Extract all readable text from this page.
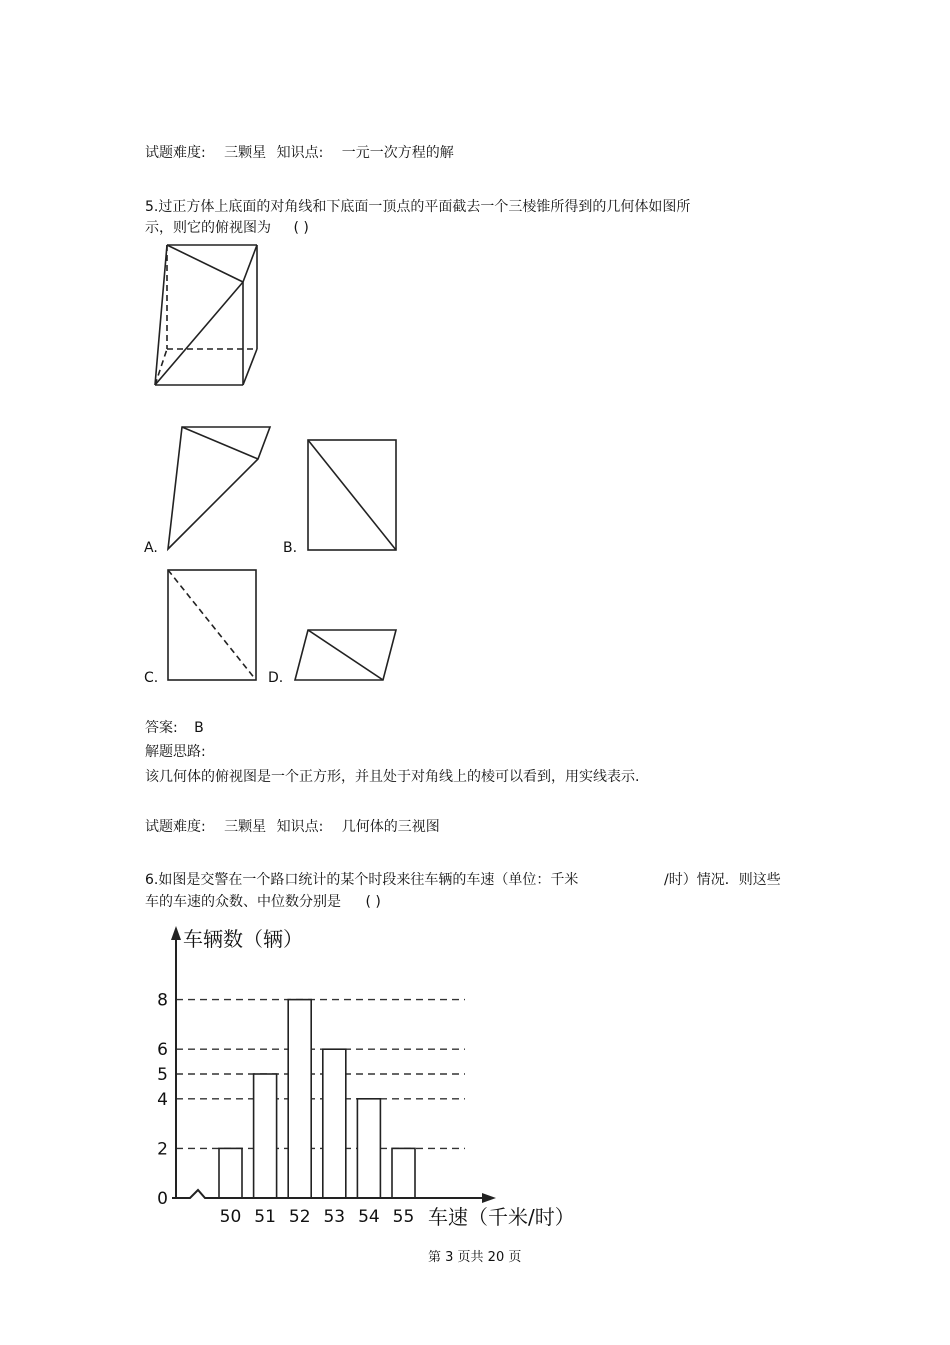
试题难度: 三颗星 知识点: 一元一次方程的解
5.过正方体上底面的对角线和下底面一顶点的平面截去一个三棱锥所得到的几何体如图所
示，则它的俯视图为 ( )
A.	B.
C.	D.
答案: B
解题思路:
该几何体的俯视图是一个正方形，并且处于对角线上的棱可以看到，用实线表示.
试题难度: 三颗星 知识点: 几何体的三视图
6.如图是交警在一个路口统计的某个时段来往车辆的车速（单位：千米	/时）情况．则这些
车的车速的众数、中位数分别是 ( )
0
2
4
5
6
8
50 51 52 53 54 55
车辆数（辆）
车速（千米/时）
第 3 页共 20 页
